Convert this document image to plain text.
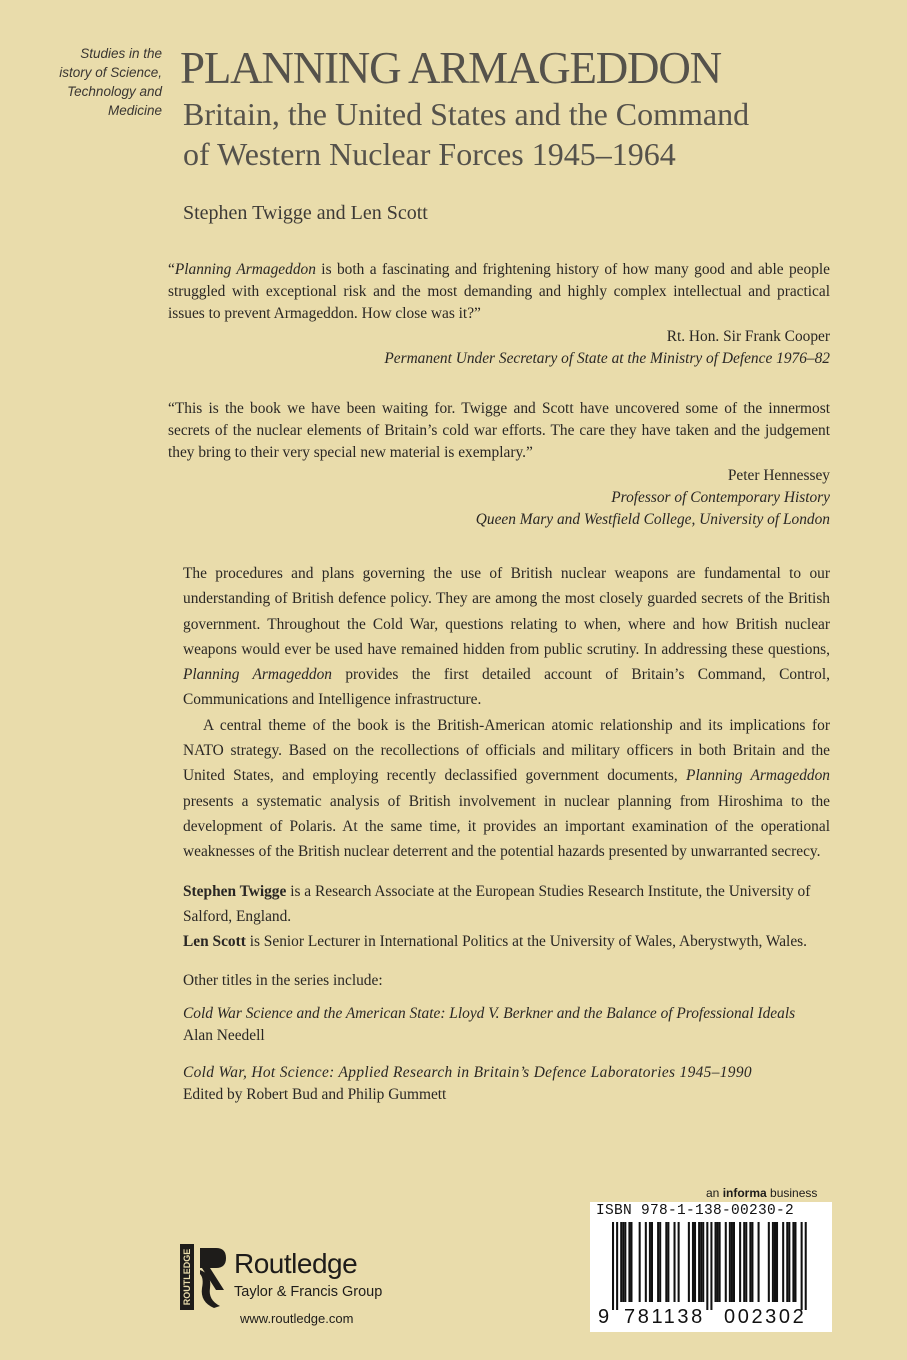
Studies in the
istory of Science,
Technology and
Medicine
PLANNING ARMAGEDDON
Britain, the United States and the Command
of Western Nuclear Forces 1945–1964
Stephen Twigge and Len Scott

“Planning Armageddon is both a fascinating and frightening history of how many good and able people struggled with exceptional risk and the most demanding and highly complex intellectual and practical issues to prevent Armageddon. How close was it?”

Rt. Hon. Sir Frank Cooper
Permanent Under Secretary of State at the Ministry of Defence 1976–82

“This is the book we have been waiting for. Twigge and Scott have uncovered some of the innermost secrets of the nuclear elements of Britain’s cold war efforts. The care they have taken and the judgement they bring to their very special new material is exemplary.”

Peter Hennessey
Professor of Contemporary History
Queen Mary and Westfield College, University of London

The procedures and plans governing the use of British nuclear weapons are fundamental to our understanding of British defence policy. They are among the most closely guarded secrets of the British government. Throughout the Cold War, questions relating to when, where and how British nuclear weapons would ever be used have remained hidden from public scrutiny. In addressing these questions, Planning Armageddon provides the first detailed account of Britain’s Command, Control, Communications and Intelligence infrastructure.

A central theme of the book is the British-American atomic relationship and its implications for NATO strategy. Based on the recollections of officials and military officers in both Britain and the United States, and employing recently declassified government documents, Planning Armageddon presents a systematic analysis of British involvement in nuclear planning from Hiroshima to the development of Polaris. At the same time, it provides an important examination of the operational weaknesses of the British nuclear deterrent and the potential hazards presented by unwarranted secrecy.

Stephen Twigge is a Research Associate at the European Studies Research Institute, the University of Salford, England.

Len Scott is Senior Lecturer in International Politics at the University of Wales, Aberystwyth, Wales.

Other titles in the series include:

Cold War Science and the American State: Lloyd V. Berkner and the Balance of Professional Ideals

Alan Needell

Cold War, Hot Science: Applied Research in Britain’s Defence Laboratories 1945–1990

Edited by Robert Bud and Philip Gummett

an informa business
ISBN 978-1-138-00230-2
9 781138 002302
ROUTLEDGE Routledge
Taylor & Francis Group
www.routledge.com
